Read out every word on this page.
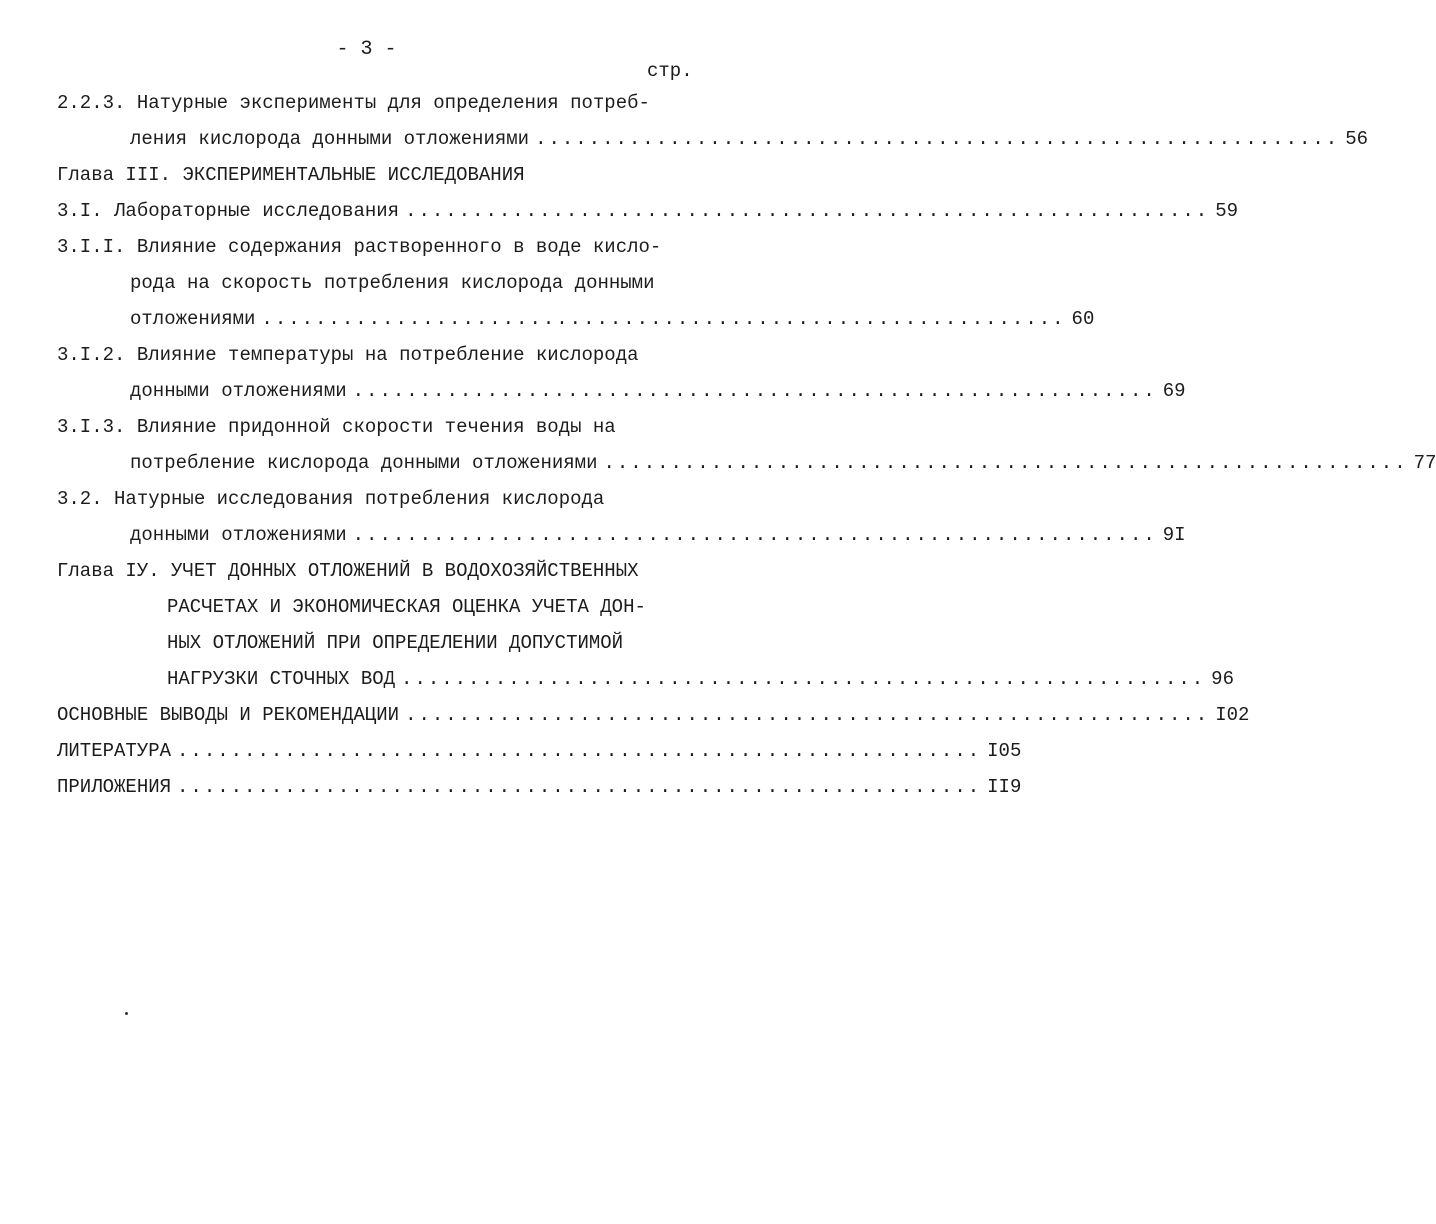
- 3 -
стр.
2.2.3. Натурные эксперименты для определения потреб-
ления кислорода донными отложениями ............................................................ 56
Глава III. ЭКСПЕРИМЕНТАЛЬНЫЕ ИССЛЕДОВАНИЯ
3.I. Лабораторные исследования ............................................................ 59
3.I.I. Влияние содержания растворенного в воде кисло-
рода на скорость потребления кислорода донными
отложениями ............................................................ 60
3.I.2. Влияние температуры на потребление кислорода
донными отложениями ............................................................ 69
3.I.3. Влияние придонной скорости течения воды на
потребление кислорода донными отложениями ............................................................ 77
3.2. Натурные исследования потребления кислорода
донными отложениями ............................................................ 9I
Глава IУ. УЧЕТ ДОННЫХ ОТЛОЖЕНИЙ В ВОДОХОЗЯЙСТВЕННЫХ
РАСЧЕТАХ И ЭКОНОМИЧЕСКАЯ ОЦЕНКА УЧЕТА ДОН-
НЫХ ОТЛОЖЕНИЙ ПРИ ОПРЕДЕЛЕНИИ ДОПУСТИМОЙ
НАГРУЗКИ СТОЧНЫХ ВОД ............................................................ 96
ОСНОВНЫЕ ВЫВОДЫ И РЕКОМЕНДАЦИИ ............................................................ I02
ЛИТЕРАТУРА ............................................................ I05
ПРИЛОЖЕНИЯ ............................................................ II9
